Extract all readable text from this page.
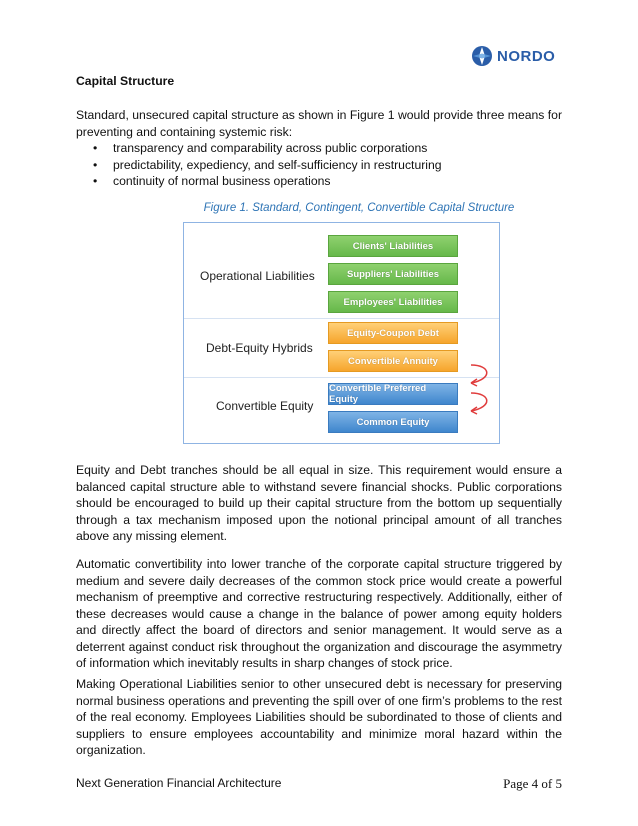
NORDO
Capital Structure

Standard, unsecured capital structure as shown in Figure 1 would provide three means for preventing and containing systemic risk:

• transparency and comparability across public corporations
• predictability, expediency, and self-sufficiency in restructuring
• continuity of normal business operations
Figure 1. Standard, Contingent, Convertible Capital Structure
Operational Liabilities
Debt-Equity Hybrids
Convertible Equity
Clients' Liabilities
Suppliers' Liabilities
Employees' Liabilities
Equity-Coupon Debt
Convertible Annuity
Convertible Preferred Equity
Common Equity

Equity and Debt tranches should be all equal in size. This requirement would ensure a balanced capital structure able to withstand severe financial shocks. Public corporations should be encouraged to build up their capital structure from the bottom up sequentially through a tax mechanism imposed upon the notional principal amount of all tranches above any missing element.

Automatic convertibility into lower tranche of the corporate capital structure triggered by medium and severe daily decreases of the common stock price would create a powerful mechanism of preemptive and corrective restructuring respectively. Additionally, either of these decreases would cause a change in the balance of power among equity holders and directly affect the board of directors and senior management. It would serve as a deterrent against conduct risk throughout the organization and discourage the asymmetry of information which inevitably results in sharp changes of stock price.

Making Operational Liabilities senior to other unsecured debt is necessary for preserving normal business operations and preventing the spill over of one firm’s problems to the rest of the real economy. Employees Liabilities should be subordinated to those of clients and suppliers to ensure employees accountability and minimize moral hazard within the organization.

Next Generation Financial Architecture	Page 4 of 5
